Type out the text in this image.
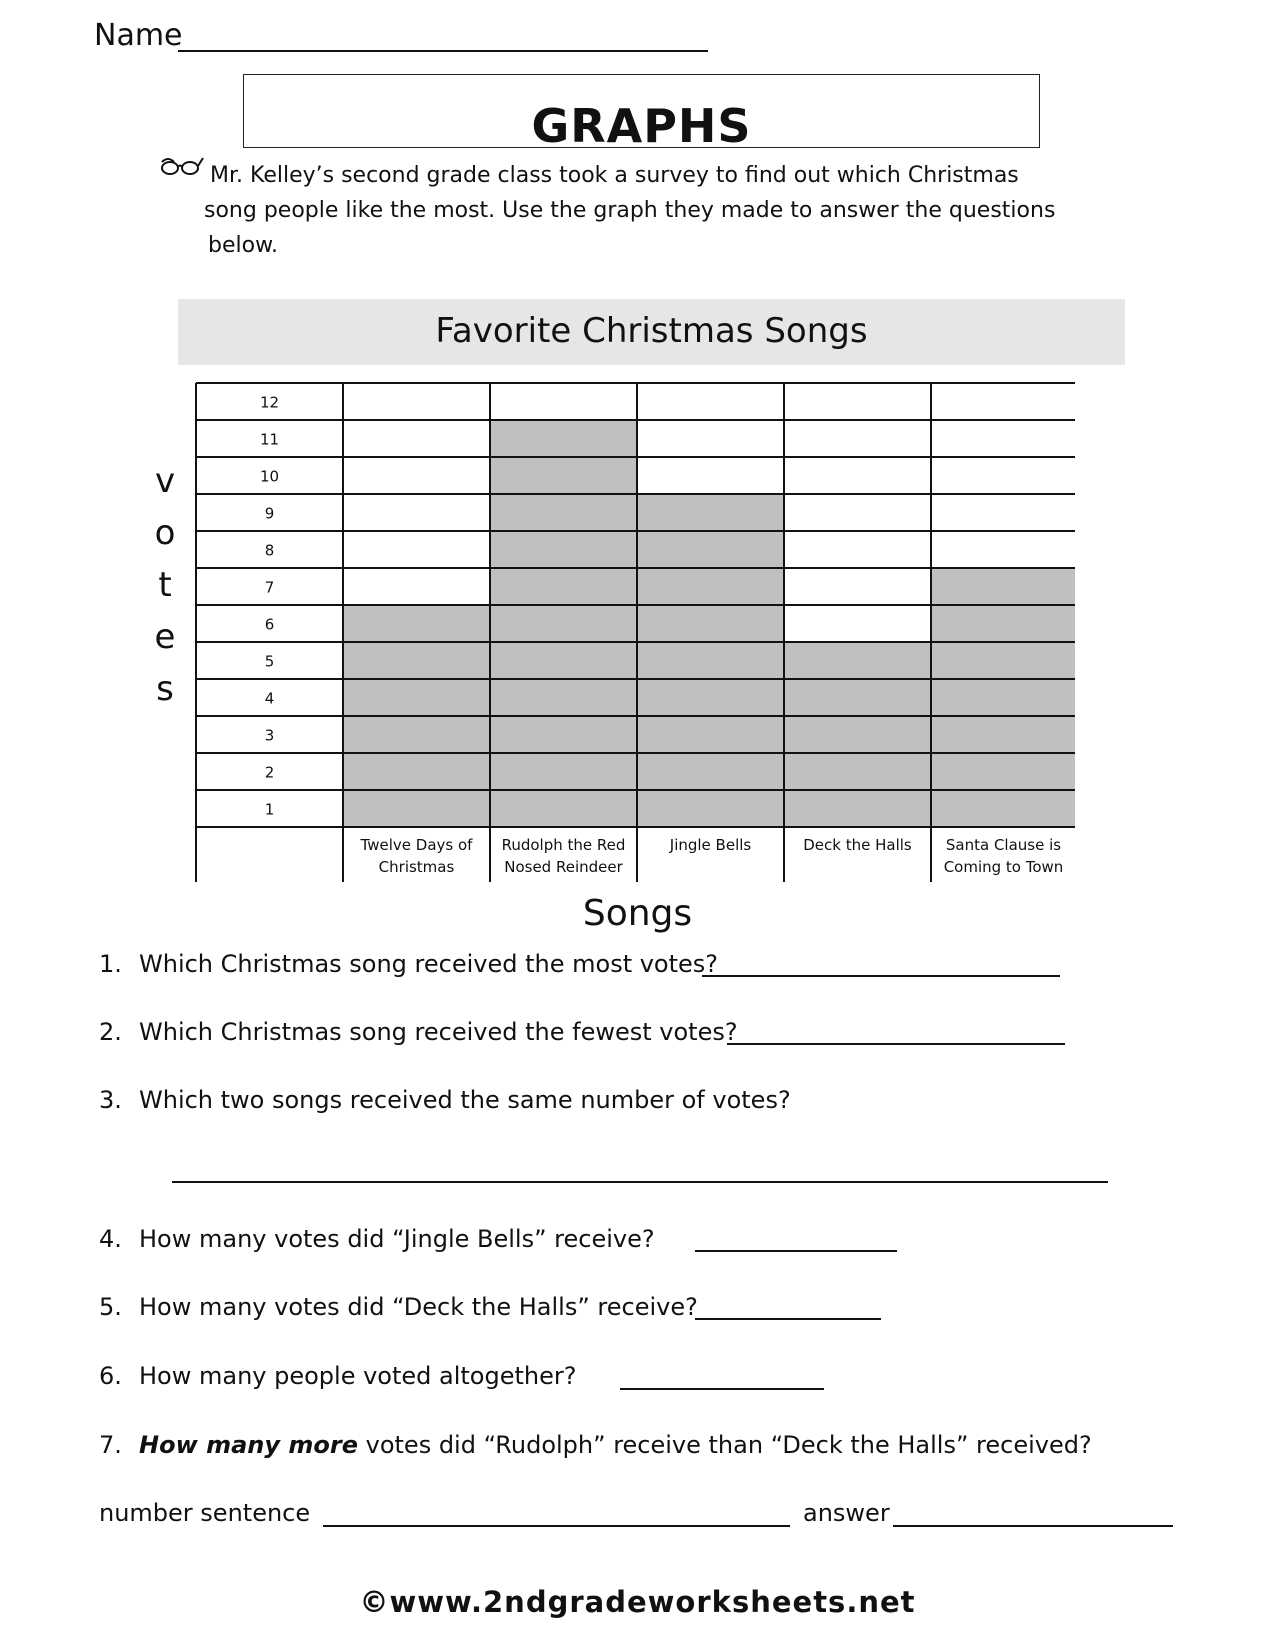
Name
GRAPHS
Mr. Kelley’s second grade class took a survey to find out which Christmas
song people like the most. Use the graph they made to answer the questions
below.
Favorite Christmas Songs
v
o
t
e
s
1
2
3
4
5
6
7
8
9
10
11
12
Twelve Days of
Christmas
Rudolph the Red
Nosed Reindeer
Jingle Bells	Deck the Halls Santa Clause is
Coming to Town
Songs
1. Which Christmas song received the most votes?
2. Which Christmas song received the fewest votes?
3. Which two songs received the same number of votes?
4. How many votes did “Jingle Bells” receive?
5. How many votes did “Deck the Halls” receive?
6. How many people voted altogether?
7. How many more votes did “Rudolph” receive than “Deck the Halls” received?
number sentence	answer
©www.2ndgradeworksheets.net
